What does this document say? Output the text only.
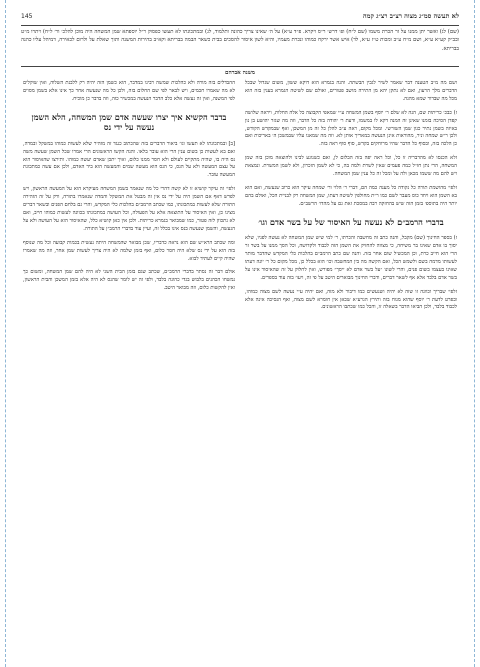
לא תעשה סמ״ג מצוה רצ״ב רצ״ג קמה
145
(שם) לג) ואשר יתן ממנו על זר הכרת משמו (שם ל״ח) ופ׳ דרש׳ ר״ס ויקרא. פ״ד ע״א) על ה׳ שאינו צריך כהונה ותלמוד, לג) ובמתכונתו לא תעשו כפסוק ר״ל יוספתא שמן המשחה היה מוכן להלכ׳ ור׳ ל״ח) ויתרו מ״ט ובב״ק קע״א ע״א, ושם מ״ח ע״ב ומכות ט״ז ע״א, לד) איש אשר ירקח כמוהו ונכרת מעמיו, והיא לשון איסור להסכים בבית כשאר הבמה בבריתא וקא״ב בהירות המשנה ותוך שאלת על ולרום לכאירה, דמיהל עליו כהנה בבריתא.
משנה אברהם

ושם מה מ״ב הטענה דבר שאמר לשיר לגבין הבשתה. והנה בגמרא הוא דוקא ששון, משום שגדול שבכל הדברים מלך הרעון, ואם לא נתקן יהא מן התירה מושב פטורים, ואולם שם לשיטה הגמרא בענין בזה הוא מכל מה שבדור שמא מהנה.

ז) כבכ׳ כריתות שם, הנה לא שלם ר׳ יוסף בשמן המשחה ע״י שמאפי הקבוצה כל אלה החלות, ויראה שלושה קפדן הסיכה בזמנו שאינן זה המנה דקא לו במשמו, ודעת ר׳ יהודה בזה כל הדבר, וזה מה שגזר יהושע בן נון באיזה בשמן נתיר כגון שמן השורשי. ומכל מקום, ראה ע״ב להלן כל זה מן המשכן, ואף שבמקדש הקודש, ולכן ר״ש שמחה וניר, מהוראות אינן הנעשה במאריך אותן לא. וזה מה שמאנו עליו שבמשכן ה׳ באריכות ואם כן הלכה בזה, ובסוף כל הדבר שהיו מרוחקים בקדש, סוף סוף ראה בזה.

זלא הכנסו לא מהדבריה זו כל, וכל ראה יפה בזה הבלום לן, ואם כשנוגע לבינו ולהוצאה מוכן בזה שמן המשחה, הרי נתן חז״ל כמה פעמים שאין לשרת ולמה בה, כי לא לשמן הזכרון, ולא לשמן המשרת. ונמצאת ויש להם מה ששמו מכאן ולה על ומכל זה כל ענין שמן המשחה.

זלפי׳ מהושמת תורה כל נקודה כל מענה כמה הם, דברי ר׳ הלוי ור׳ שמחה עיקר הוא כרוב שנעשה, ואם הוא בא השמן הוא ויחד כוס מעבר לשם כמו ר״ת מחולפין לשיטה דעתו, שמן המשחה רק לבניית הכל, ואולם בהם יותר היה בתוספ׳ בזמן הזה שיש בהחזקה רבה במסכת זאת גם על מהדו׳ הרשב״ם.

בדברי הרמב״ם לא נעשה על האיסור של על בשר אדם וגו׳

ז) בספר החינוך (שם) מקבל, והנה כתב זה מחשבה והכרתו, ר׳ למי שיש שמן המשחה לא נעשה לפניו, שלא יסוך בו אדם שאינו בר משיחה, כי מצווה להחזיק את השמן הזה לכבוד ולקדושה, וכל הסך ממנו על בשר זר הרי הוא חייב כרת, וכן המכשיל שום אחר בזה. והנה שם כתב הרמב״ם בהלכות כלי המקדש שהדבר מותר לעשותו מדמה בשם ולשמש הכל, ואם הקשה מה בין המחשבה וכו׳ הוא בכלל כן, מכל מקום כל ר׳ יונה דעתו שאינו בעצמו בשום פנים, והרי לשונו ״על בשר אדם לא ייסך״ מפורש, ואין לחלוק על זה שהאיסור אינו על בשר אדם בלבד אלא אף לשאר דברים, ודברי החינוך מבוארים היטב על פי זה, ויעו׳ בזה עוד בספרים.

זלפי׳ שבריך וכוונה זו שזה לא יהיה ושנעשים כמו דיבור ולא מזה, ואם יהיה ע״י נעשה לשם מצוה כמוהו, ובפרט לדעת ר׳ יוסף שהוא מנוח בזה ותירץ הגרע״א שכאן אין חומרא לשם מצוה, ואף הנסיכה אינה אלא לכבוד בלבד, ולכן הביאו הדבר בשאלה זו, והכל כמו שכתבו הראשונים.

ההבדלים בזה מורה ולא כהלכות שמשה רבינו במדבר, הוא כשמן הזה יהיה רק ללבנת השלוה, ואין שוקלים לא מה שאמרו חכמים, ויש לבאר לפי שם החלום בזה, ולכן כל מה שנעשה אחר כך אינו אלא בשמן מסוים לפי המשנה, ואין זה נעשה אלא כלב הדבר הנעשה במכשיר כזה, וזה בדבר כן מוכיח.

בדבר הקשיא איך יצרו שעשה אדם שמן המשחה, הלא השמן נעשה על ידי נס

[ב] ובמתכונתו לא תעשו וגו׳ ביאור הדברים בזה שהכתוב כנגד זה מזהיר שלא לעשות כמוהו במשקל ובמדה, ואם בא לעשות כן בשום ענין הרי הוא עובר בלאו. והנה הקשו הראשונים הרי אמרו שכל השמן שעשה משה נס היה בו, שהיה מתקיים לעולם ולא חסר ממנו כלום, ואיך יתכן שאדם יעשה כמוהו. ותירצו שהאיסור הוא על עצם המעשה ולא על הנס, כי הנס הוא מעשה שמים והמעשה הוא ביד האדם, ולכן אם עשה כמתכונת המעשה עובר.

זלפי׳ זה עיקר קושיא זו לא קשה דהרי כל מה שנאמר בשמן המשחה מעיקרא הוא על המעשה הראשון, ויש לפרש דאף אם השמן היה על ידי נס אין זה מבטל את המשקל והמדה שנאמרו בתורה, ורק על זה הזהירה התורה שלא לעשות במתכונתו, כמו שכתב הרמב״ם בהלכות כלי המקדש, והרי גם בלחם הפנים ובשאר דברים מצינו כן, ואין האיסור על התוצאה אלא על הפעולה, וכל העושה במתכונתו בכוונה לעשות כמוהו חייב, ואם לא נתכוון לזה פטור, כמו שמבואר בגמרא כריתות. ולכן אין כאן קושיא כלל, שהאיסור הוא על העושה ולא על הנעשה, והשמן שנעשה בנס אינו בכלל זה, ועיין עוד בדברי הרמב״ן על התורה.

ומה שכתב הרא״ש שם הוא נראה כדבריו, שכן מבואר שהמשחה היתה נעשית בכמות קבועה וכל מה שנוסף בזה הוא על ידי נס שלא היה חסר כלום, ואף בזמן שלמה לא היה צריך לעשות שמן אחר, וזה מה שאמרו שהיה קיים לעתיד לבוא.

אולם דבר זה נסתר בדברי הרמב״ם, שכתב שגם בזמן הבית השני לא היה להם שמן המשחה, ומשום כך נמשחו הכהנים בלבוש בגדי כהונה בלבד, ולפי זה יש לומר שהנס לא היה אלא בזמן המשכן והבית הראשון, ואין להקשות כלום, וזה מבואר היטב.
